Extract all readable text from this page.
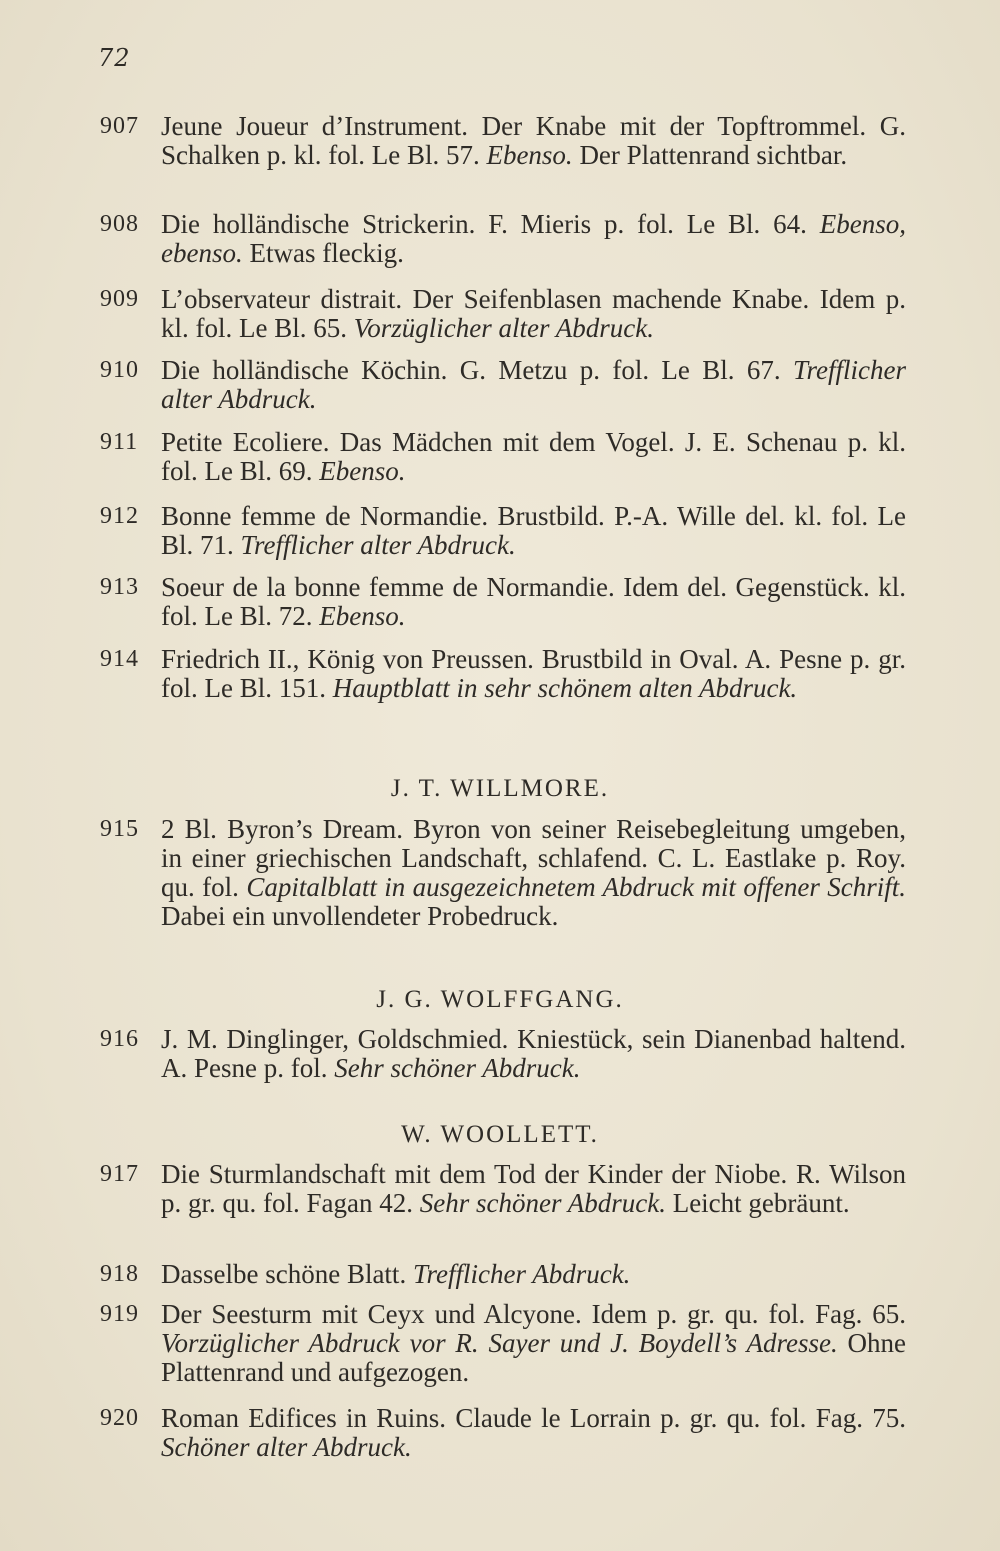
72
907 Jeune Joueur d’Instrument. Der Knabe mit der Topftrommel. G. Schalken p. kl. fol. Le Bl. 57. Ebenso. Der Plattenrand sichtbar.
908 Die holländische Strickerin. F. Mieris p. fol. Le Bl. 64. Ebenso, ebenso. Etwas fleckig.
909 L’observateur distrait. Der Seifenblasen machende Knabe. Idem p. kl. fol. Le Bl. 65. Vorzüglicher alter Abdruck.
910 Die holländische Köchin. G. Metzu p. fol. Le Bl. 67. Trefflicher alter Abdruck.
911 Petite Ecoliere. Das Mädchen mit dem Vogel. J. E. Schenau p. kl. fol. Le Bl. 69. Ebenso.
912 Bonne femme de Normandie. Brustbild. P.-A. Wille del. kl. fol. Le Bl. 71. Trefflicher alter Abdruck.
913 Soeur de la bonne femme de Normandie. Idem del. Gegenstück. kl. fol. Le Bl. 72. Ebenso.
914 Friedrich II., König von Preussen. Brustbild in Oval. A. Pesne p. gr. fol. Le Bl. 151. Hauptblatt in sehr schönem alten Abdruck.
J. T. WILLMORE.
915 2 Bl. Byron’s Dream. Byron von seiner Reisebegleitung umgeben, in einer griechischen Landschaft, schlafend. C. L. Eastlake p. Roy. qu. fol. Capitalblatt in ausgezeichnetem Abdruck mit offener Schrift. Dabei ein unvollendeter Probedruck.
J. G. WOLFFGANG.
916 J. M. Dinglinger, Goldschmied. Kniestück, sein Dianenbad haltend. A. Pesne p. fol. Sehr schöner Abdruck.
W. WOOLLETT.
917 Die Sturmlandschaft mit dem Tod der Kinder der Niobe. R. Wilson p. gr. qu. fol. Fagan 42. Sehr schöner Abdruck. Leicht gebräunt.
918 Dasselbe schöne Blatt. Trefflicher Abdruck.
919 Der Seesturm mit Ceyx und Alcyone. Idem p. gr. qu. fol. Fag. 65. Vorzüglicher Abdruck vor R. Sayer und J. Boydell’s Adresse. Ohne Plattenrand und aufgezogen.
920 Roman Edifices in Ruins. Claude le Lorrain p. gr. qu. fol. Fag. 75. Schöner alter Abdruck.
